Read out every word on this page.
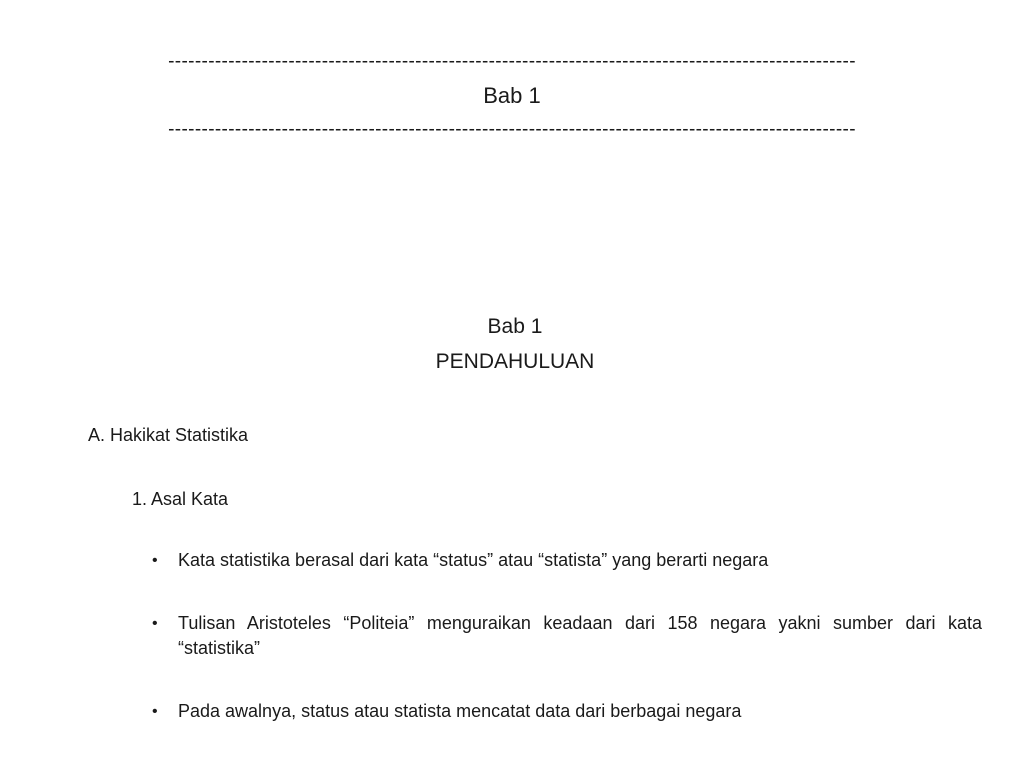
-------------------------------------------------------------------------------------------------------
Bab 1
-------------------------------------------------------------------------------------------------------
Bab 1
PENDAHULUAN
A. Hakikat Statistika
1. Asal Kata
• Kata statistika berasal dari kata “status” atau “statista” yang berarti negara
• Tulisan Aristoteles “Politeia” menguraikan keadaan dari 158 negara yakni sumber dari kata “statistika”
• Pada awalnya, status atau statista mencatat data dari berbagai negara
